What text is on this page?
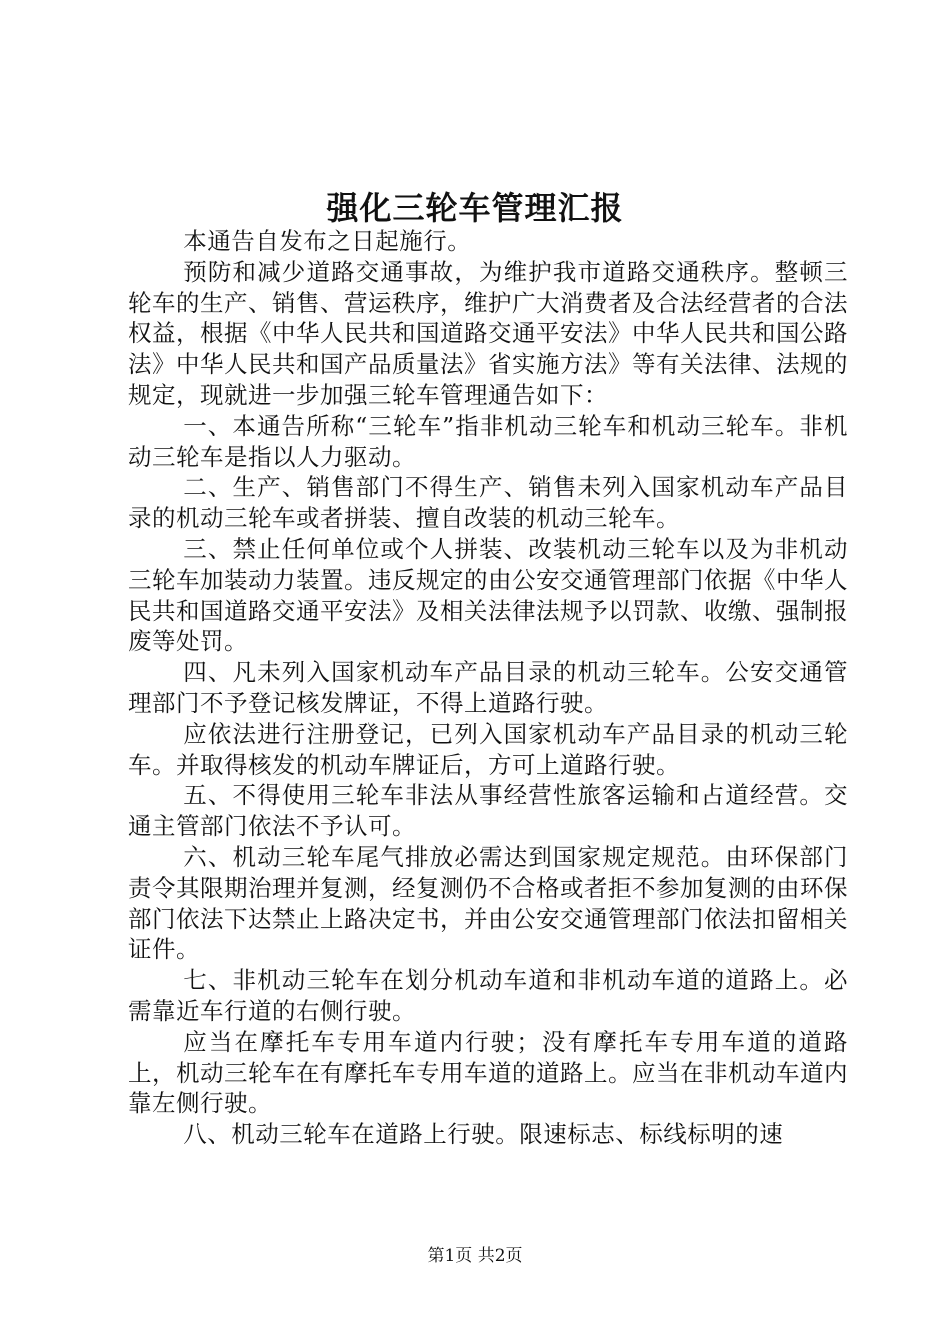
强化三轮车管理汇报

本通告自发布之日起施行。

预防和减少道路交通事故，为维护我市道路交通秩序。整顿三轮车的生产、销售、营运秩序，维护广大消费者及合法经营者的合法权益，根据《中华人民共和国道路交通平安法》中华人民共和国公路法》中华人民共和国产品质量法》省实施方法》等有关法律、法规的规定，现就进一步加强三轮车管理通告如下：

一、本通告所称“三轮车”指非机动三轮车和机动三轮车。非机动三轮车是指以人力驱动。

二、生产、销售部门不得生产、销售未列入国家机动车产品目录的机动三轮车或者拼装、擅自改装的机动三轮车。

三、禁止任何单位或个人拼装、改装机动三轮车以及为非机动三轮车加装动力装置。违反规定的由公安交通管理部门依据《中华人民共和国道路交通平安法》及相关法律法规予以罚款、收缴、强制报废等处罚。

四、凡未列入国家机动车产品目录的机动三轮车。公安交通管理部门不予登记核发牌证，不得上道路行驶。

应依法进行注册登记，已列入国家机动车产品目录的机动三轮车。并取得核发的机动车牌证后，方可上道路行驶。

五、不得使用三轮车非法从事经营性旅客运输和占道经营。交通主管部门依法不予认可。

六、机动三轮车尾气排放必需达到国家规定规范。由环保部门责令其限期治理并复测，经复测仍不合格或者拒不参加复测的由环保部门依法下达禁止上路决定书，并由公安交通管理部门依法扣留相关证件。

七、非机动三轮车在划分机动车道和非机动车道的道路上。必需靠近车行道的右侧行驶。

应当在摩托车专用车道内行驶；没有摩托车专用车道的道路上，机动三轮车在有摩托车专用车道的道路上。应当在非机动车道内靠左侧行驶。

八、机动三轮车在道路上行驶。限速标志、标线标明的速

第1页 共2页
